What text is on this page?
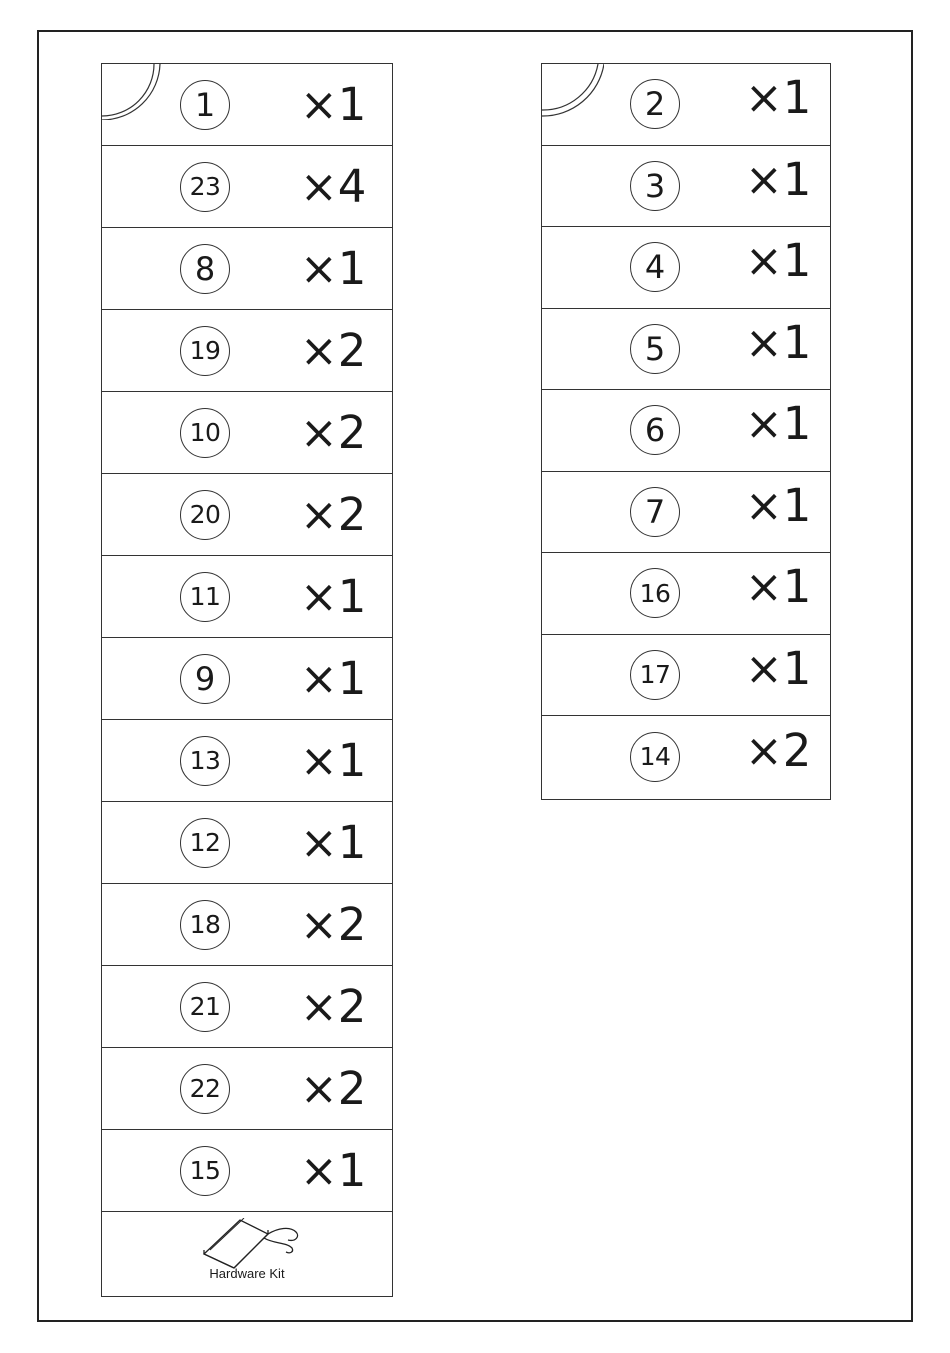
1	×1
23 ×4
8	×1
19 ×2
10 ×2
20 ×2
11 ×1
9	×1
13 ×1
12 ×1
18 ×2
21 ×2
22 ×2
15 ×1
Hardware Kit
2	×1
3	×1
4	×1
5	×1
6	×1
7	×1
16 ×1
17 ×1
14 ×2
